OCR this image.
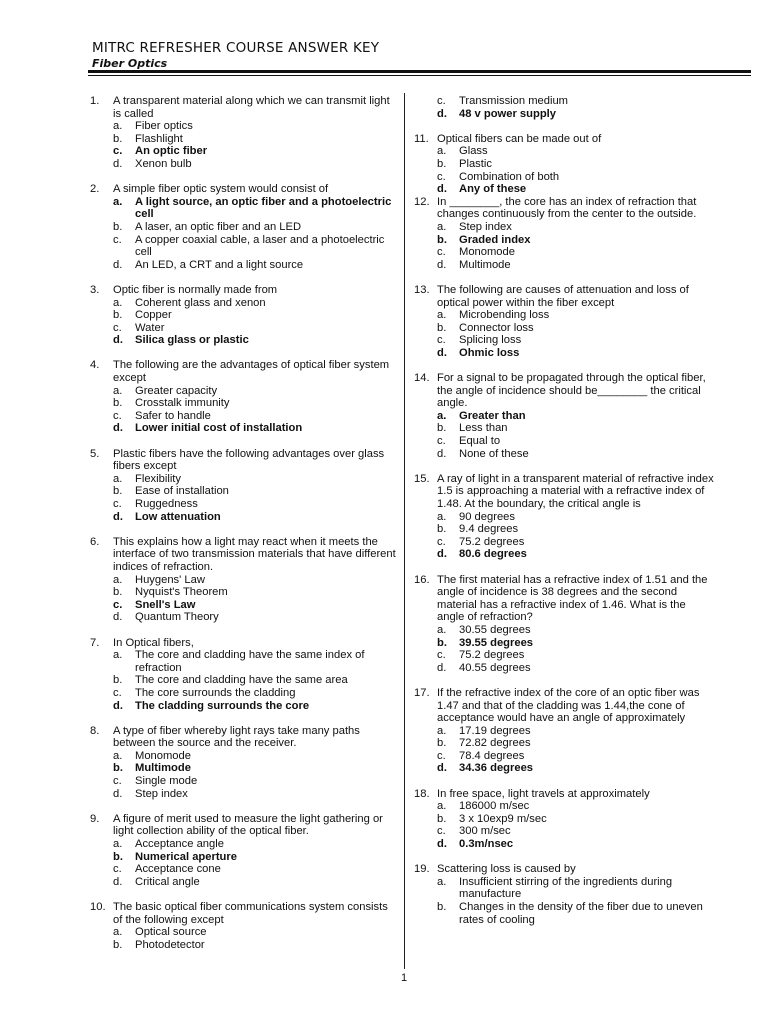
MITRC REFRESHER COURSE ANSWER KEY
Fiber Optics
1. A transparent material along which we can transmit light is called
a. Fiber optics
b. Flashlight
c. An optic fiber
d. Xenon bulb
2. A simple fiber optic system would consist of
a. A light source, an optic fiber and a photoelectric cell
b. A laser, an optic fiber and an LED
c. A copper coaxial cable, a laser and a photoelectric cell
d. An LED, a CRT and a light source
3. Optic fiber is normally made from
a. Coherent glass and xenon
b. Copper
c. Water
d. Silica glass or plastic
4. The following are the advantages of optical fiber system except
a. Greater capacity
b. Crosstalk immunity
c. Safer to handle
d. Lower initial cost of installation
5. Plastic fibers have the following advantages over glass fibers except
a. Flexibility
b. Ease of installation
c. Ruggedness
d. Low attenuation
6. This explains how a light may react when it meets the interface of two transmission materials that have different indices of refraction.
a. Huygens' Law
b. Nyquist's Theorem
c. Snell's Law
d. Quantum Theory
7. In Optical fibers,
a. The core and cladding have the same index of refraction
b. The core and cladding have the same area
c. The core surrounds the cladding
d. The cladding surrounds the core
8. A type of fiber whereby light rays take many paths between the source and the receiver.
a. Monomode
b. Multimode
c. Single mode
d. Step index
9. A figure of merit used to measure the light gathering or light collection ability of the optical fiber.
a. Acceptance angle
b. Numerical aperture
c. Acceptance cone
d. Critical angle
10. The basic optical fiber communications system consists of the following except
a. Optical source
b. Photodetector
c. Transmission medium
d. 48 v power supply
11. Optical fibers can be made out of
a. Glass
b. Plastic
c. Combination of both
d. Any of these
12. In ________, the core has an index of refraction that changes continuously from the center to the outside.
a. Step index
b. Graded index
c. Monomode
d. Multimode
13. The following are causes of attenuation and loss of optical power within the fiber except
a. Microbending loss
b. Connector loss
c. Splicing loss
d. Ohmic loss
14. For a signal to be propagated through the optical fiber, the angle of incidence should be________ the critical angle.
a. Greater than
b. Less than
c. Equal to
d. None of these
15. A ray of light in a transparent material of refractive index 1.5 is approaching a material with a refractive index of 1.48. At the boundary, the critical angle is
a. 90 degrees
b. 9.4 degrees
c. 75.2 degrees
d. 80.6 degrees
16. The first material has a refractive index of 1.51 and the angle of incidence is 38 degrees and the second material has a refractive index of 1.46. What is the angle of refraction?
a. 30.55 degrees
b. 39.55 degrees
c. 75.2 degrees
d. 40.55 degrees
17. If the refractive index of the core of an optic fiber was 1.47 and that of the cladding was 1.44,the cone of acceptance would have an angle of approximately
a. 17.19 degrees
b. 72.82 degrees
c. 78.4 degrees
d. 34.36 degrees
18. In free space, light travels at approximately
a. 186000 m/sec
b. 3 x 10exp9 m/sec
c. 300 m/sec
d. 0.3m/nsec
19. Scattering loss is caused by
a. Insufficient stirring of the ingredients during manufacture
b. Changes in the density of the fiber due to uneven rates of cooling
1
